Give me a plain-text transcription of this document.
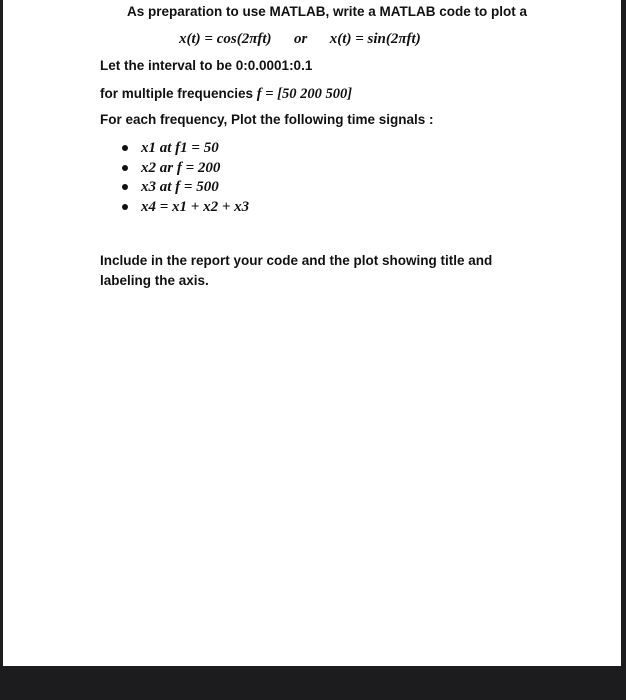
As preparation to use MATLAB, write a MATLAB code to plot a
x(t) = cos(2πft) or x(t) = sin(2πft)
Let the interval to be 0:0.0001:0.1
for multiple frequencies f = [50 200 500]
For each frequency, Plot the following time signals :
x1 at f1 = 50
x2 ar f = 200
x3 at f = 500
x4 = x1 + x2 + x3
Include in the report your code and the plot showing title and labeling the axis.
